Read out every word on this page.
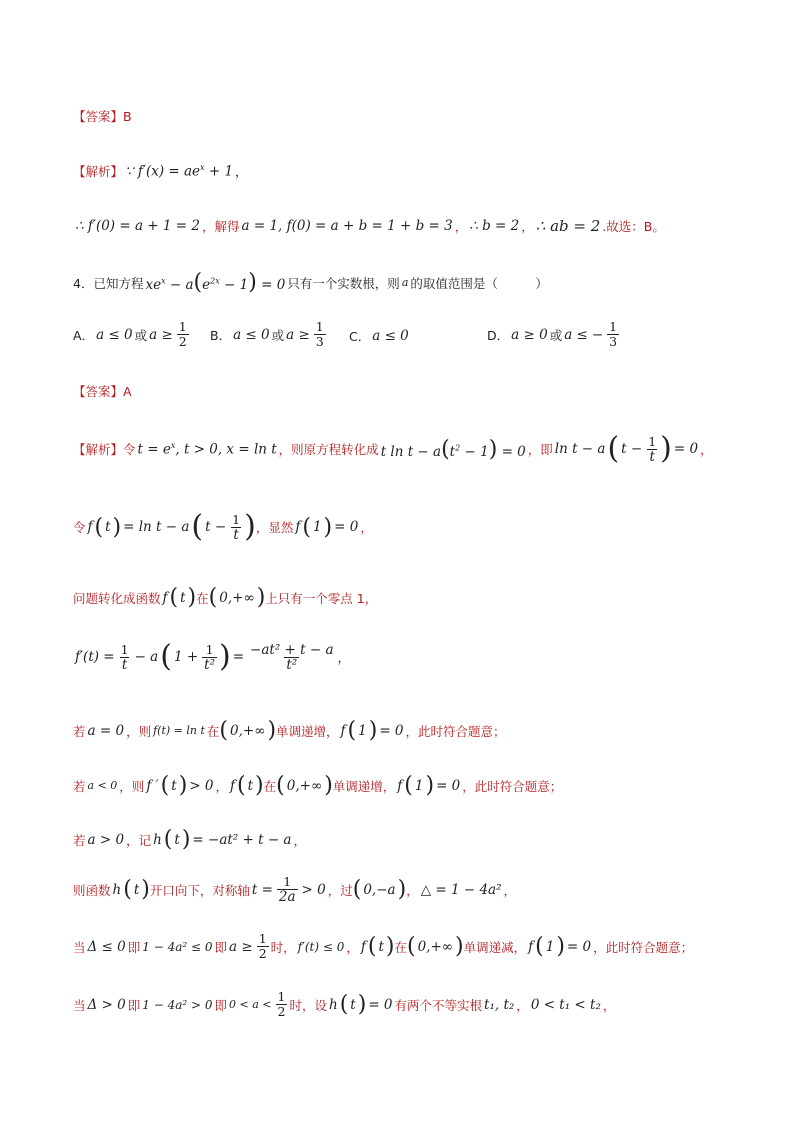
【答案】 B
【解析】 ∵ $f'(x) = ae^x + 1$ ，
∴ f′(0) = a + 1 = 2 ，解得 a = 1, f(0) = a + b = 1 + b = 3 ， ∴ b = 2 ， ∴ ab = 2 .故选：B。
4．已知方程 $xe^x - a(e^{2x} - 1) = 0$ 只有一个实数根，则 a 的取值范围是（　　　）
A． a ≤ 0 或 $a \ge \frac{1}{2}$ B． a ≤ 0 或 $a \ge \frac{1}{3}$ C． a ≤ 0	D． a ≥ 0 或 a ≤ − $\frac{1}{3}$
【答案】 A
【解析】 令 $t = e^x$, t > 0, x = ln t ，则原方程转化成 t $\ln t - a(t^2 - 1) = 0$ ，即 ln t − a ( $t - \frac{1}{t}$ ) = 0 ，
令 f ( t ) = ln t − a ( $t - \frac{1}{t}$ ) ，显然 f ( 1 ) = 0 ，
问题转化成函数 f ( t ) 在 ( 0,+∞ ) 上只有一个零点 1，
$f'(t) = \frac{1}{t} - a$ ( $1 + \frac{1}{\text{t²}}$ ) = $\frac{\text{−at² + t − a}}{\text{t²}}$ ，
若 a = 0 ，则 f(t) = ln t 在 ( 0,+∞ ) 单调递增， f ( 1 ) = 0 ，此时符合题意；
若 a < 0 ，则 f ′ ( t ) > 0 ， f ( t ) 在 ( 0,+∞ ) 单调递增， f ( 1 ) = 0 ，此时符合题意；
若 a > 0 ，记 h ( t ) = −at² + t − a ，
则函数 h ( t ) 开口向下，对称轴 $t = \frac{1}{2a} > 0$ ，过 ( 0,−a ) ， △ = 1 − 4a² ，
当 Δ ≤ 0 即 1 − 4a² ≤ 0 即 $a \ge \frac{1}{2}$ 时， f′(t) ≤ 0 ， f ( t ) 在 ( 0,+∞ ) 单调递减， f ( 1 ) = 0 ，此时符合题意；
当 Δ > 0 即 1 − 4a² > 0 即 $0 < a < \frac{1}{2}$ 时，设 h ( t ) = 0 有两个不等实根 t₁, t₂ ， 0 < t₁ < t₂ ，
